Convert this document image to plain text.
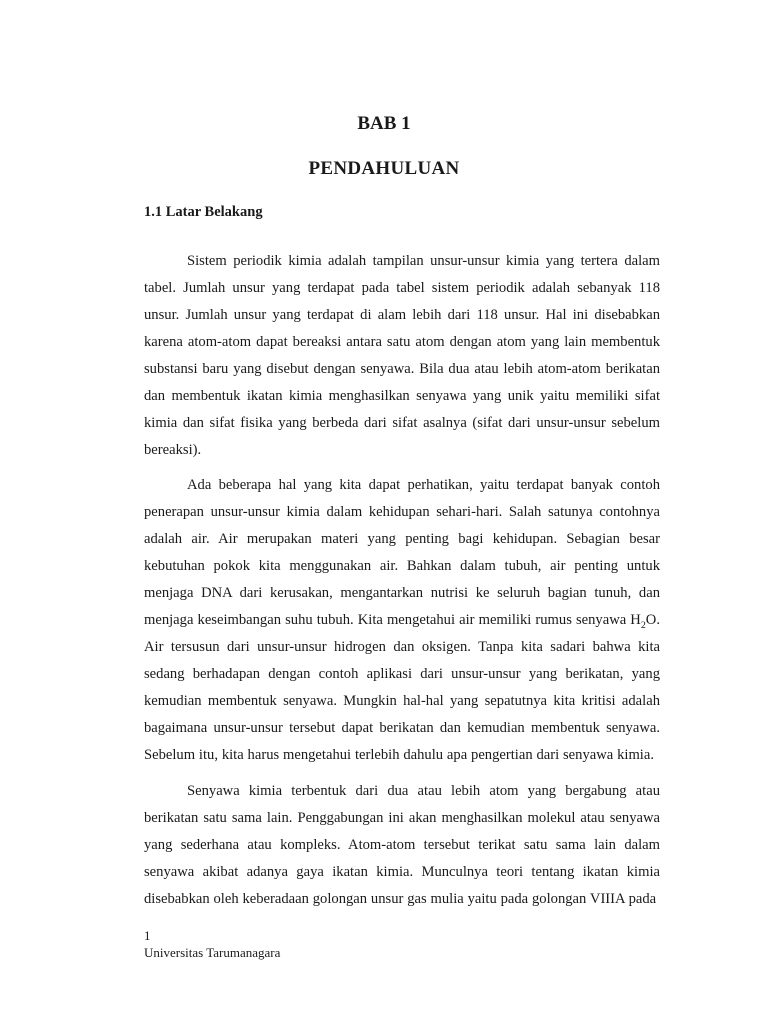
BAB 1
PENDAHULUAN
1.1 Latar Belakang

Sistem periodik kimia adalah tampilan unsur-unsur kimia yang tertera dalam tabel. Jumlah unsur yang terdapat pada tabel sistem periodik adalah sebanyak 118 unsur. Jumlah unsur yang terdapat di alam lebih dari 118 unsur. Hal ini disebabkan karena atom-atom dapat bereaksi antara satu atom dengan atom yang lain membentuk substansi baru yang disebut dengan senyawa. Bila dua atau lebih atom-atom berikatan dan membentuk ikatan kimia menghasilkan senyawa yang unik yaitu memiliki sifat kimia dan sifat fisika yang berbeda dari sifat asalnya (sifat dari unsur-unsur sebelum bereaksi).

Ada beberapa hal yang kita dapat perhatikan, yaitu terdapat banyak contoh penerapan unsur-unsur kimia dalam kehidupan sehari-hari. Salah satunya contohnya adalah air. Air merupakan materi yang penting bagi kehidupan. Sebagian besar kebutuhan pokok kita menggunakan air. Bahkan dalam tubuh, air penting untuk menjaga DNA dari kerusakan, mengantarkan nutrisi ke seluruh bagian tunuh, dan menjaga keseimbangan suhu tubuh. Kita mengetahui air memiliki rumus senyawa $H_2O$. Air tersusun dari unsur-unsur hidrogen dan oksigen. Tanpa kita sadari bahwa kita sedang berhadapan dengan contoh aplikasi dari unsur-unsur yang berikatan, yang kemudian membentuk senyawa. Mungkin hal-hal yang sepatutnya kita kritisi adalah bagaimana unsur-unsur tersebut dapat berikatan dan kemudian membentuk senyawa. Sebelum itu, kita harus mengetahui terlebih dahulu apa pengertian dari senyawa kimia.

Senyawa kimia terbentuk dari dua atau lebih atom yang bergabung atau berikatan satu sama lain. Penggabungan ini akan menghasilkan molekul atau senyawa yang sederhana atau kompleks. Atom-atom tersebut terikat satu sama lain dalam senyawa akibat adanya gaya ikatan kimia. Munculnya teori tentang ikatan kimia disebabkan oleh keberadaan golongan unsur gas mulia yaitu pada golongan VIIIA pada

1
Universitas Tarumanagara
